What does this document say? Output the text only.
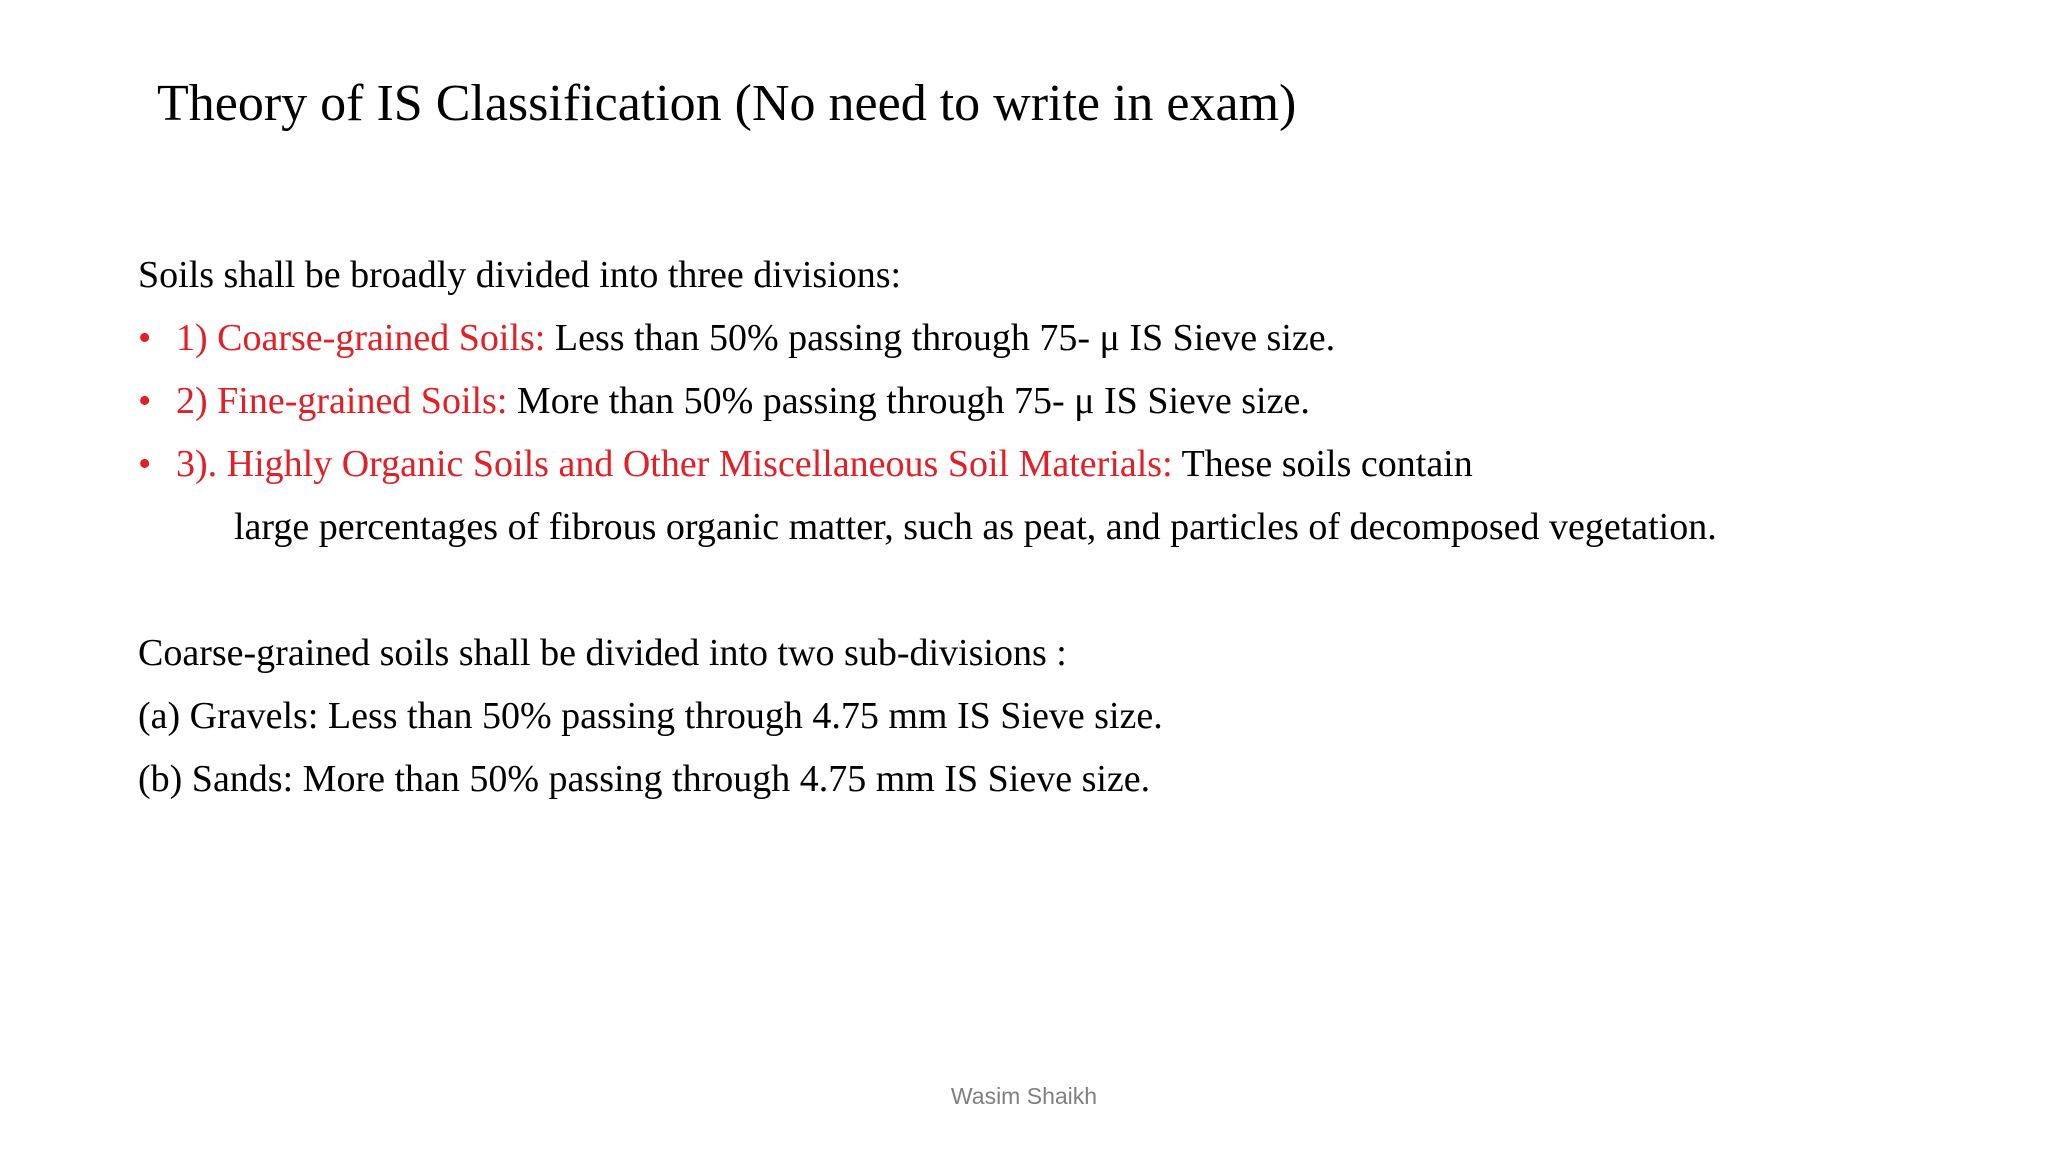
Theory of IS Classification (No need to write in exam)
Soils shall be broadly divided into three divisions:
• 1) Coarse-grained Soils: Less than 50% passing through 75- μ IS Sieve size.
• 2) Fine-grained Soils: More than 50% passing through 75- μ IS Sieve size.
• 3). Highly Organic Soils and Other Miscellaneous Soil Materials: These soils contain
large percentages of fibrous organic matter, such as peat, and particles of decomposed vegetation.
Coarse-grained soils shall be divided into two sub-divisions :
(a) Gravels: Less than 50% passing through 4.75 mm IS Sieve size.
(b) Sands: More than 50% passing through 4.75 mm IS Sieve size.
Wasim Shaikh
